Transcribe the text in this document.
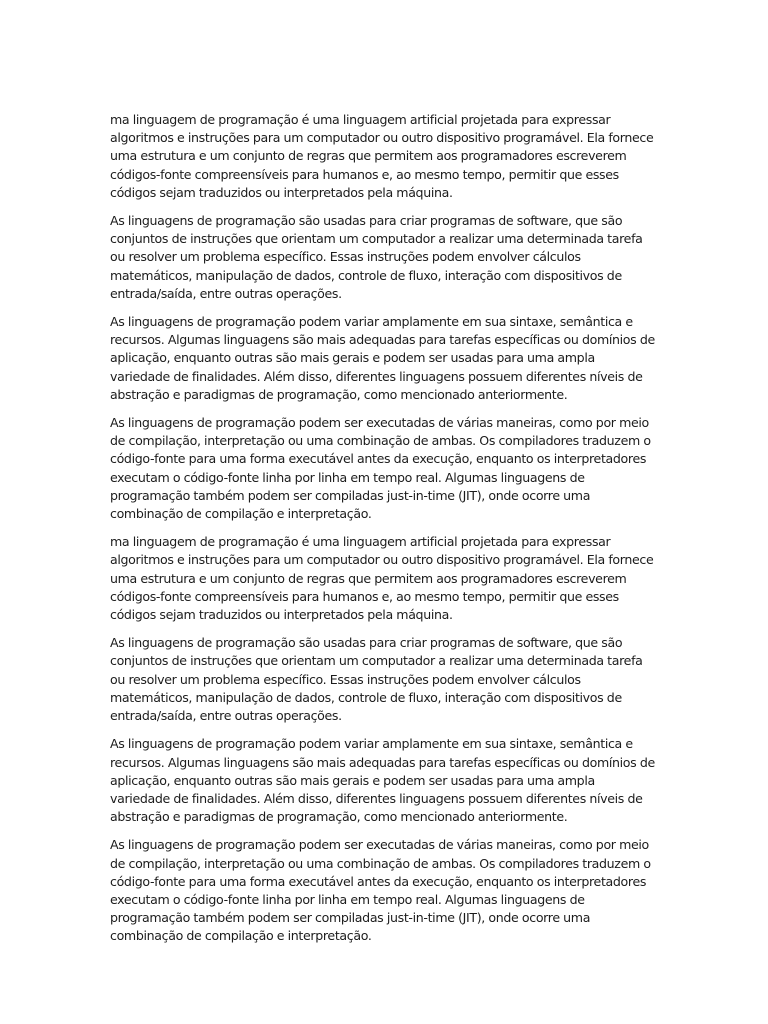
ma linguagem de programação é uma linguagem artificial projetada para expressar algoritmos e instruções para um computador ou outro dispositivo programável. Ela fornece uma estrutura e um conjunto de regras que permitem aos programadores escreverem códigos-fonte compreensíveis para humanos e, ao mesmo tempo, permitir que esses códigos sejam traduzidos ou interpretados pela máquina.

As linguagens de programação são usadas para criar programas de software, que são conjuntos de instruções que orientam um computador a realizar uma determinada tarefa ou resolver um problema específico. Essas instruções podem envolver cálculos matemáticos, manipulação de dados, controle de fluxo, interação com dispositivos de entrada/saída, entre outras operações.

As linguagens de programação podem variar amplamente em sua sintaxe, semântica e recursos. Algumas linguagens são mais adequadas para tarefas específicas ou domínios de aplicação, enquanto outras são mais gerais e podem ser usadas para uma ampla variedade de finalidades. Além disso, diferentes linguagens possuem diferentes níveis de abstração e paradigmas de programação, como mencionado anteriormente.

As linguagens de programação podem ser executadas de várias maneiras, como por meio de compilação, interpretação ou uma combinação de ambas. Os compiladores traduzem o código-fonte para uma forma executável antes da execução, enquanto os interpretadores executam o código-fonte linha por linha em tempo real. Algumas linguagens de programação também podem ser compiladas just-in-time (JIT), onde ocorre uma combinação de compilação e interpretação.

ma linguagem de programação é uma linguagem artificial projetada para expressar algoritmos e instruções para um computador ou outro dispositivo programável. Ela fornece uma estrutura e um conjunto de regras que permitem aos programadores escreverem códigos-fonte compreensíveis para humanos e, ao mesmo tempo, permitir que esses códigos sejam traduzidos ou interpretados pela máquina.

As linguagens de programação são usadas para criar programas de software, que são conjuntos de instruções que orientam um computador a realizar uma determinada tarefa ou resolver um problema específico. Essas instruções podem envolver cálculos matemáticos, manipulação de dados, controle de fluxo, interação com dispositivos de entrada/saída, entre outras operações.

As linguagens de programação podem variar amplamente em sua sintaxe, semântica e recursos. Algumas linguagens são mais adequadas para tarefas específicas ou domínios de aplicação, enquanto outras são mais gerais e podem ser usadas para uma ampla variedade de finalidades. Além disso, diferentes linguagens possuem diferentes níveis de abstração e paradigmas de programação, como mencionado anteriormente.

As linguagens de programação podem ser executadas de várias maneiras, como por meio de compilação, interpretação ou uma combinação de ambas. Os compiladores traduzem o código-fonte para uma forma executável antes da execução, enquanto os interpretadores executam o código-fonte linha por linha em tempo real. Algumas linguagens de programação também podem ser compiladas just-in-time (JIT), onde ocorre uma combinação de compilação e interpretação.
